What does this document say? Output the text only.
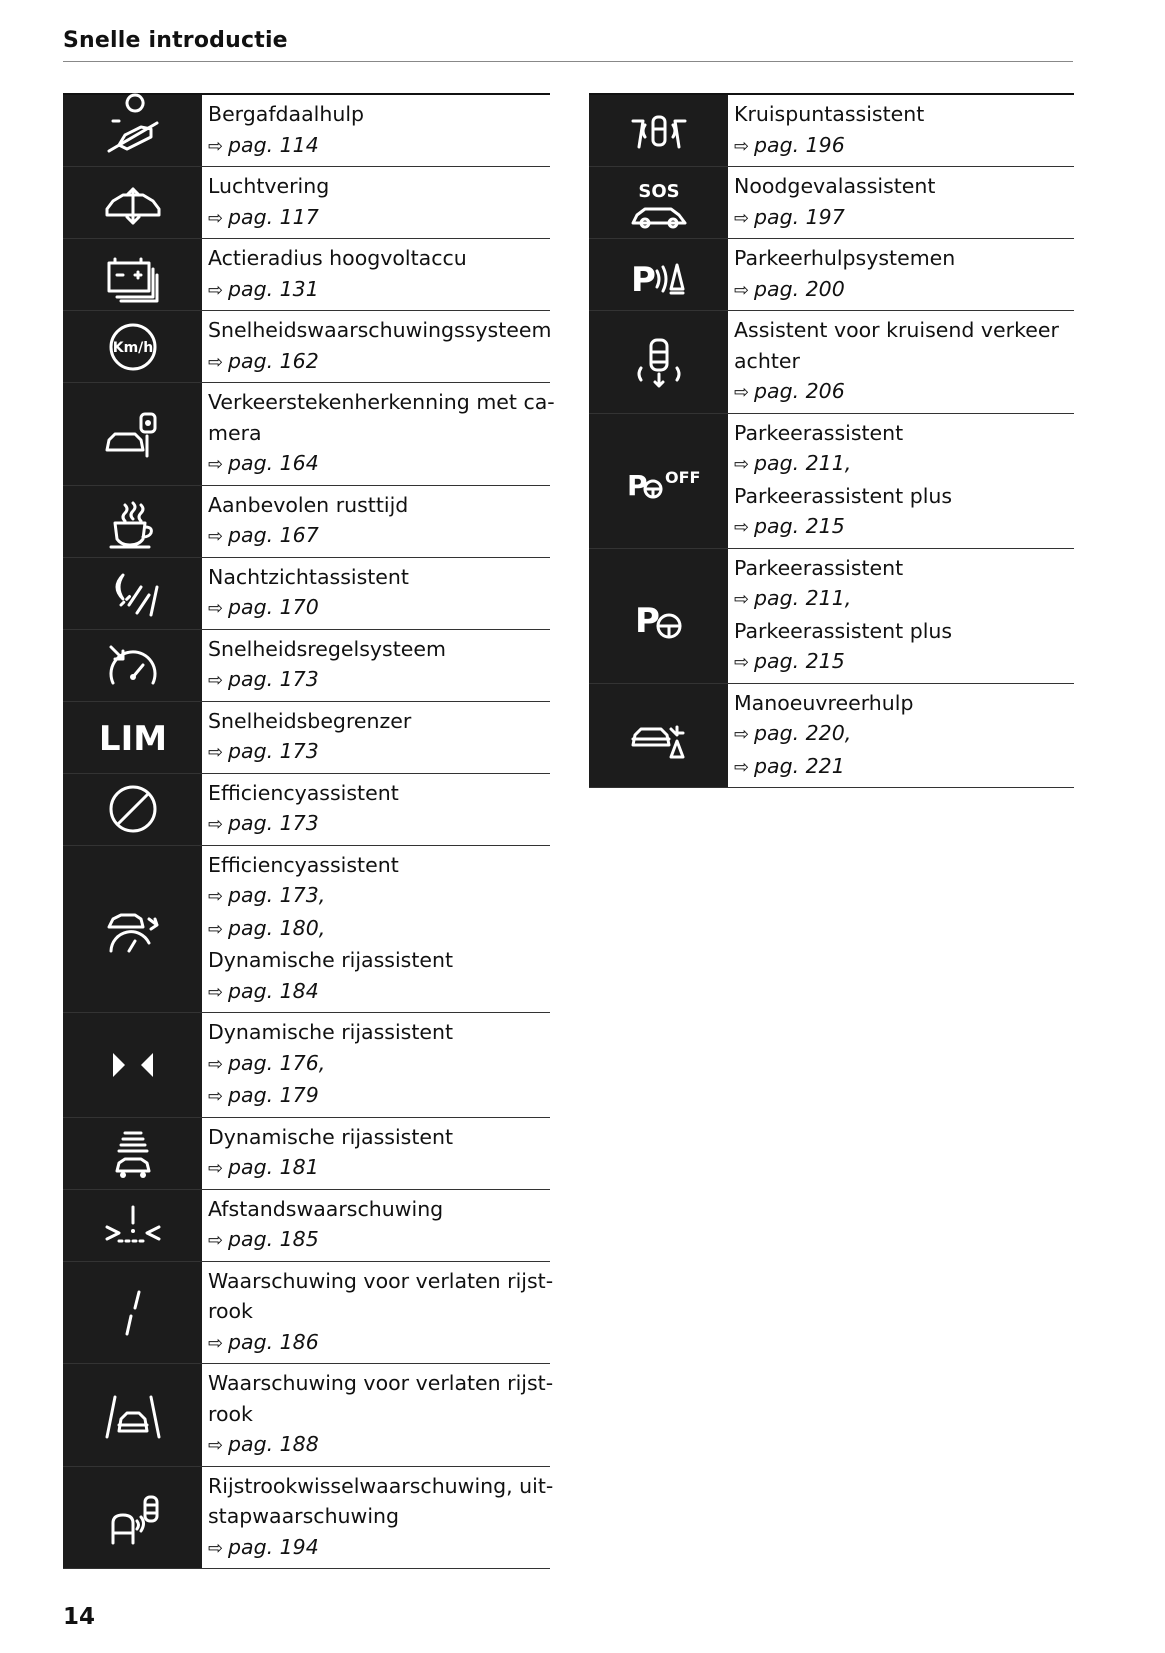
Snelle introductie
Bergafdaalhulp
⇨ pag. 114
Luchtvering
⇨ pag. 117
Actieradius hoogvoltaccu
⇨ pag. 131
Km/h
Snelheidswaarschuwingssysteem
⇨ pag. 162
Verkeerstekenherkenning met ca-
mera
⇨ pag. 164
Aanbevolen rusttijd
⇨ pag. 167
Nachtzichtassistent
⇨ pag. 170
Snelheidsregelsysteem
⇨ pag. 173
LIM Snelheidsbegrenzer
⇨ pag. 173
Efficiencyassistent
⇨ pag. 173
Efficiencyassistent
⇨ pag. 173,
⇨ pag. 180,
Dynamische rijassistent
⇨ pag. 184
Dynamische rijassistent
⇨ pag. 176,
⇨ pag. 179
Dynamische rijassistent
⇨ pag. 181
Afstandswaarschuwing
⇨ pag. 185
Waarschuwing voor verlaten rijst-
rook
⇨ pag. 186
Waarschuwing voor verlaten rijst-
rook
⇨ pag. 188
Rijstrookwisselwaarschuwing, uit-
stapwaarschuwing
⇨ pag. 194
Kruispuntassistent
⇨ pag. 196
SOS	Noodgevalassistent
⇨ pag. 197
P
Parkeerhulpsystemen
⇨ pag. 200
Assistent voor kruisend verkeer
achter
⇨ pag. 206
P OFF
Parkeerassistent
⇨ pag. 211,
Parkeerassistent plus
⇨ pag. 215
P
Parkeerassistent
⇨ pag. 211,
Parkeerassistent plus
⇨ pag. 215
Manoeuvreerhulp
⇨ pag. 220,
⇨ pag. 221
14
